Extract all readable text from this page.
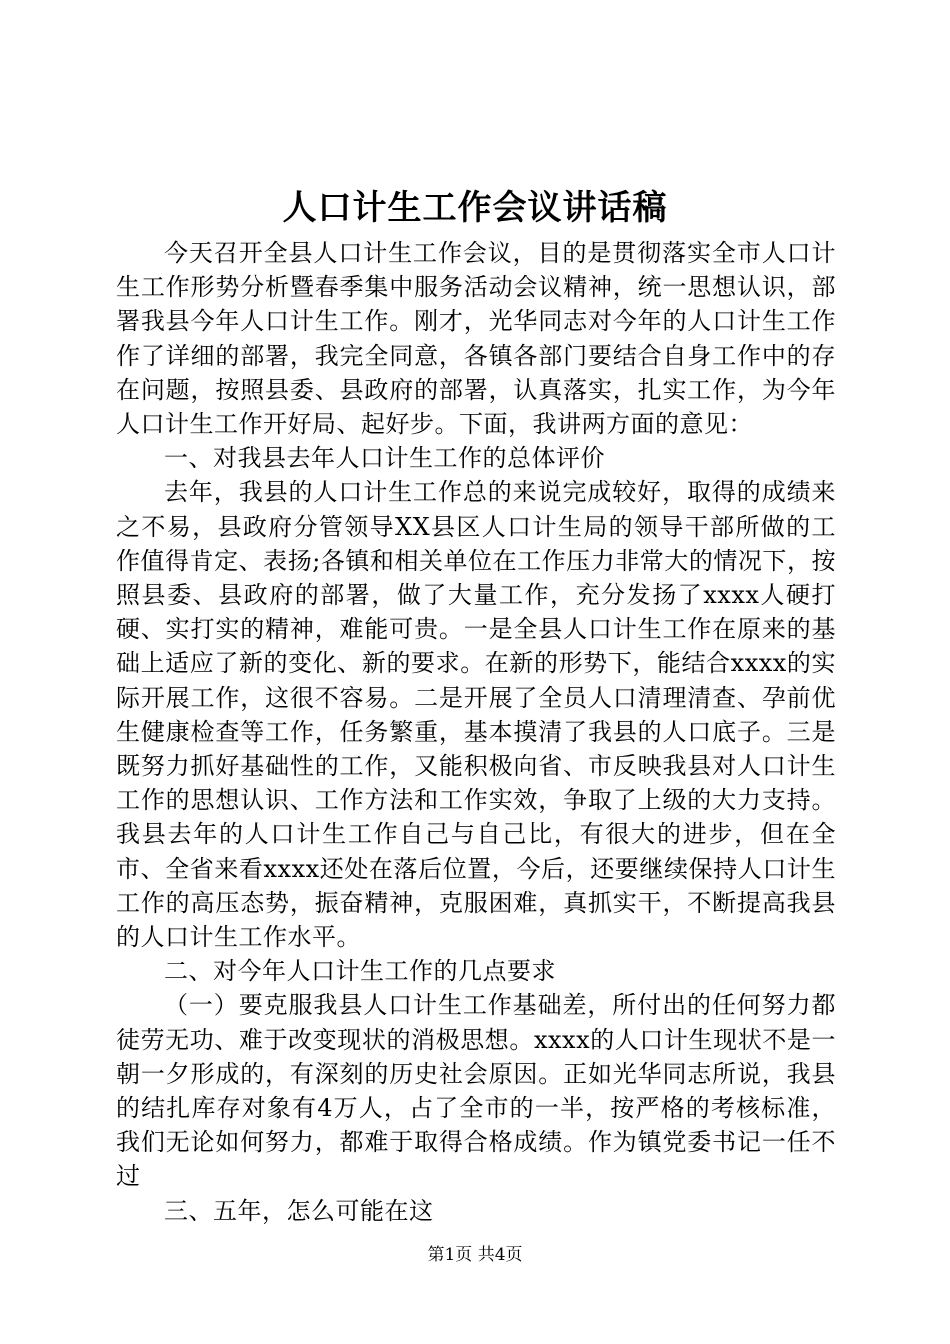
人口计生工作会议讲话稿

今天召开全县人口计生工作会议，目的是贯彻落实全市人口计生工作形势分析暨春季集中服务活动会议精神，统一思想认识，部署我县今年人口计生工作。刚才，光华同志对今年的人口计生工作作了详细的部署，我完全同意，各镇各部门要结合自身工作中的存在问题，按照县委、县政府的部署，认真落实，扎实工作，为今年人口计生工作开好局、起好步。下面，我讲两方面的意见：

一、对我县去年人口计生工作的总体评价

去年，我县的人口计生工作总的来说完成较好，取得的成绩来之不易，县政府分管领导XX县区人口计生局的领导干部所做的工作值得肯定、表扬;各镇和相关单位在工作压力非常大的情况下，按照县委、县政府的部署，做了大量工作，充分发扬了xxxx人硬打硬、实打实的精神，难能可贵。一是全县人口计生工作在原来的基础上适应了新的变化、新的要求。在新的形势下，能结合xxxx的实际开展工作，这很不容易。二是开展了全员人口清理清查、孕前优生健康检查等工作，任务繁重，基本摸清了我县的人口底子。三是既努力抓好基础性的工作，又能积极向省、市反映我县对人口计生工作的思想认识、工作方法和工作实效，争取了上级的大力支持。我县去年的人口计生工作自己与自己比，有很大的进步，但在全市、全省来看xxxx还处在落后位置，今后，还要继续保持人口计生工作的高压态势，振奋精神，克服困难，真抓实干，不断提高我县的人口计生工作水平。

二、对今年人口计生工作的几点要求

（一）要克服我县人口计生工作基础差，所付出的任何努力都徒劳无功、难于改变现状的消极思想。xxxx的人口计生现状不是一朝一夕形成的，有深刻的历史社会原因。正如光华同志所说，我县的结扎库存对象有4万人，占了全市的一半，按严格的考核标准，我们无论如何努力，都难于取得合格成绩。作为镇党委书记一任不过

三、五年，怎么可能在这

第1页 共4页
